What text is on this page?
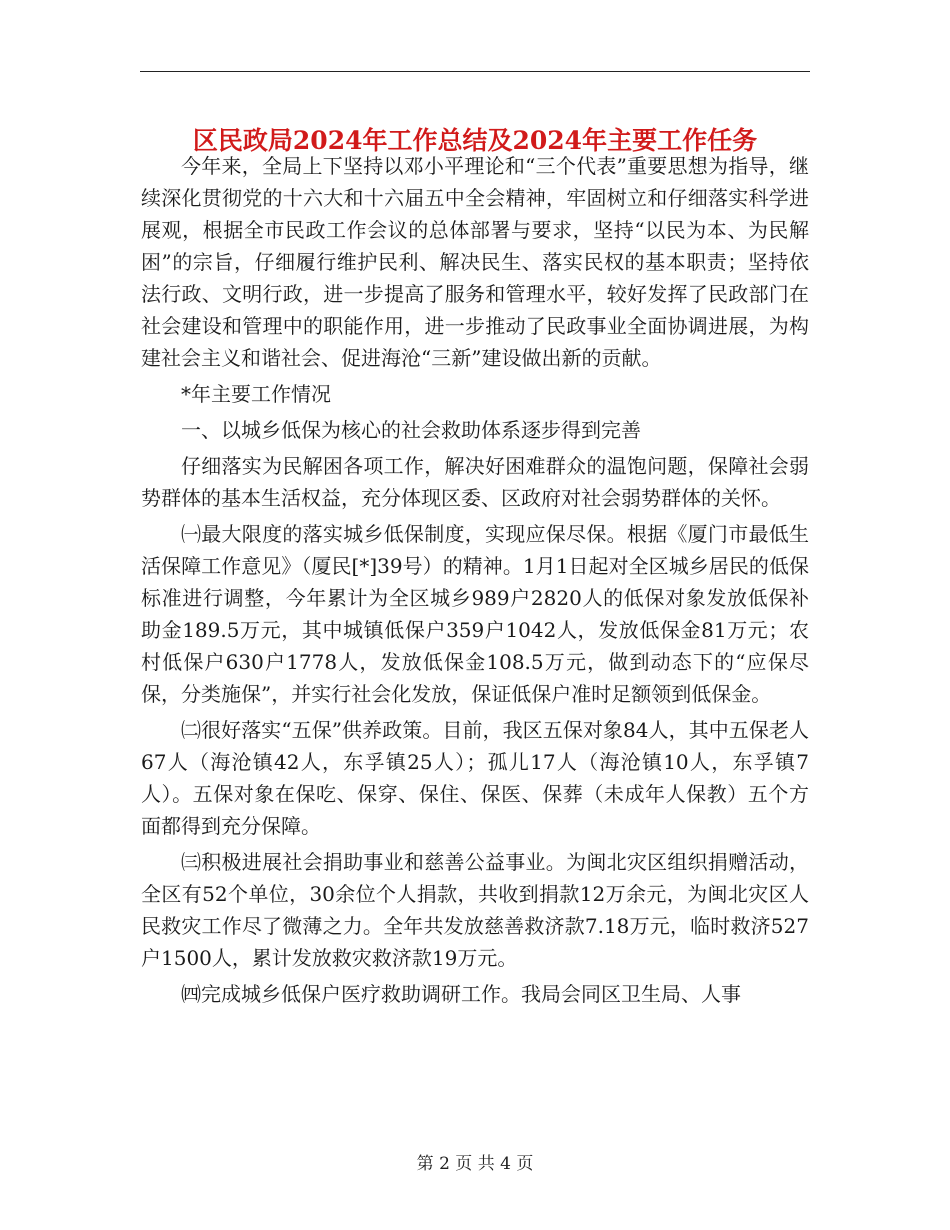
区民政局2024年工作总结及2024年主要工作任务

今年来，全局上下坚持以邓小平理论和“三个代表”重要思想为指导，继续深化贯彻党的十六大和十六届五中全会精神，牢固树立和仔细落实科学进展观，根据全市民政工作会议的总体部署与要求，坚持“以民为本、为民解困”的宗旨，仔细履行维护民利、解决民生、落实民权的基本职责；坚持依法行政、文明行政，进一步提高了服务和管理水平，较好发挥了民政部门在社会建设和管理中的职能作用，进一步推动了民政事业全面协调进展，为构建社会主义和谐社会、促进海沧“三新”建设做出新的贡献。

*年主要工作情况

一、以城乡低保为核心的社会救助体系逐步得到完善

仔细落实为民解困各项工作，解决好困难群众的温饱问题，保障社会弱势群体的基本生活权益，充分体现区委、区政府对社会弱势群体的关怀。

㈠最大限度的落实城乡低保制度，实现应保尽保。根据《厦门市最低生活保障工作意见》（厦民[*]39号）的精神。1月1日起对全区城乡居民的低保标准进行调整，今年累计为全区城乡989户2820人的低保对象发放低保补助金189.5万元，其中城镇低保户359户1042人，发放低保金81万元；农村低保户630户1778人，发放低保金108.5万元，做到动态下的“应保尽保，分类施保”，并实行社会化发放，保证低保户准时足额领到低保金。

㈡很好落实“五保”供养政策。目前，我区五保对象84人，其中五保老人67人（海沧镇42人，东孚镇25人）；孤儿17人（海沧镇10人，东孚镇7人）。五保对象在保吃、保穿、保住、保医、保葬（未成年人保教）五个方面都得到充分保障。

㈢积极进展社会捐助事业和慈善公益事业。为闽北灾区组织捐赠活动，全区有52个单位，30余位个人捐款，共收到捐款12万余元，为闽北灾区人民救灾工作尽了微薄之力。全年共发放慈善救济款7.18万元，临时救济527户1500人，累计发放救灾救济款19万元。

㈣完成城乡低保户医疗救助调研工作。我局会同区卫生局、人事

第 2 页 共 4 页
